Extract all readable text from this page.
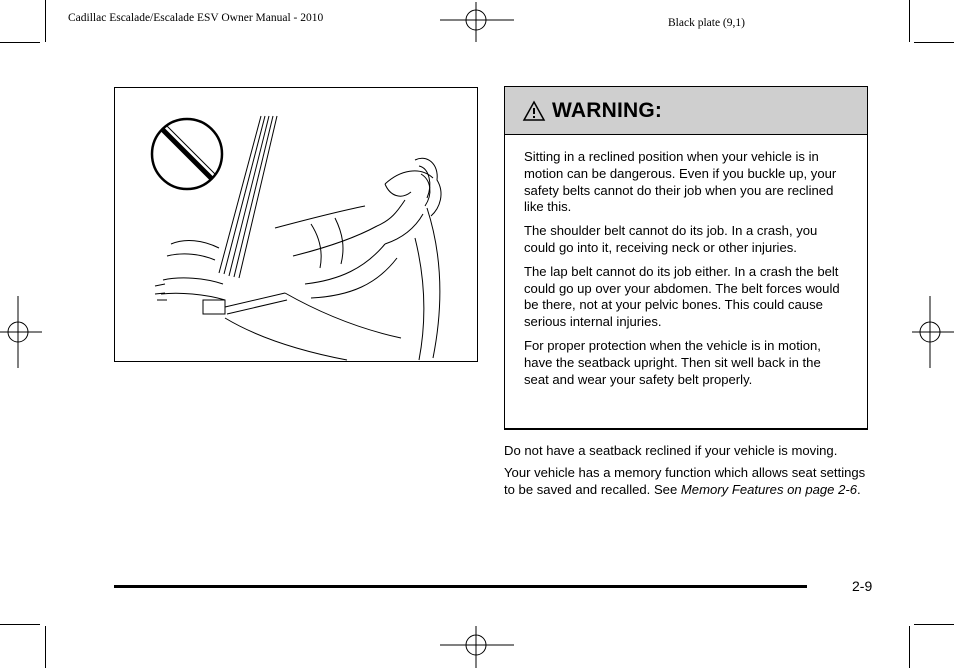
Cadillac Escalade/Escalade ESV Owner Manual - 2010	Black plate (9,1)
WARNING:

Sitting in a reclined position when your vehicle is in motion can be dangerous. Even if you buckle up, your safety belts cannot do their job when you are reclined like this.

The shoulder belt cannot do its job. In a crash, you could go into it, receiving neck or other injuries.

The lap belt cannot do its job either. In a crash the belt could go up over your abdomen. The belt forces would be there, not at your pelvic bones. This could cause serious internal injuries.

For proper protection when the vehicle is in motion, have the seatback upright. Then sit well back in the seat and wear your safety belt properly.

Do not have a seatback reclined if your vehicle is moving.

Your vehicle has a memory function which allows seat settings to be saved and recalled. See Memory Features on page 2-6.

2-9
